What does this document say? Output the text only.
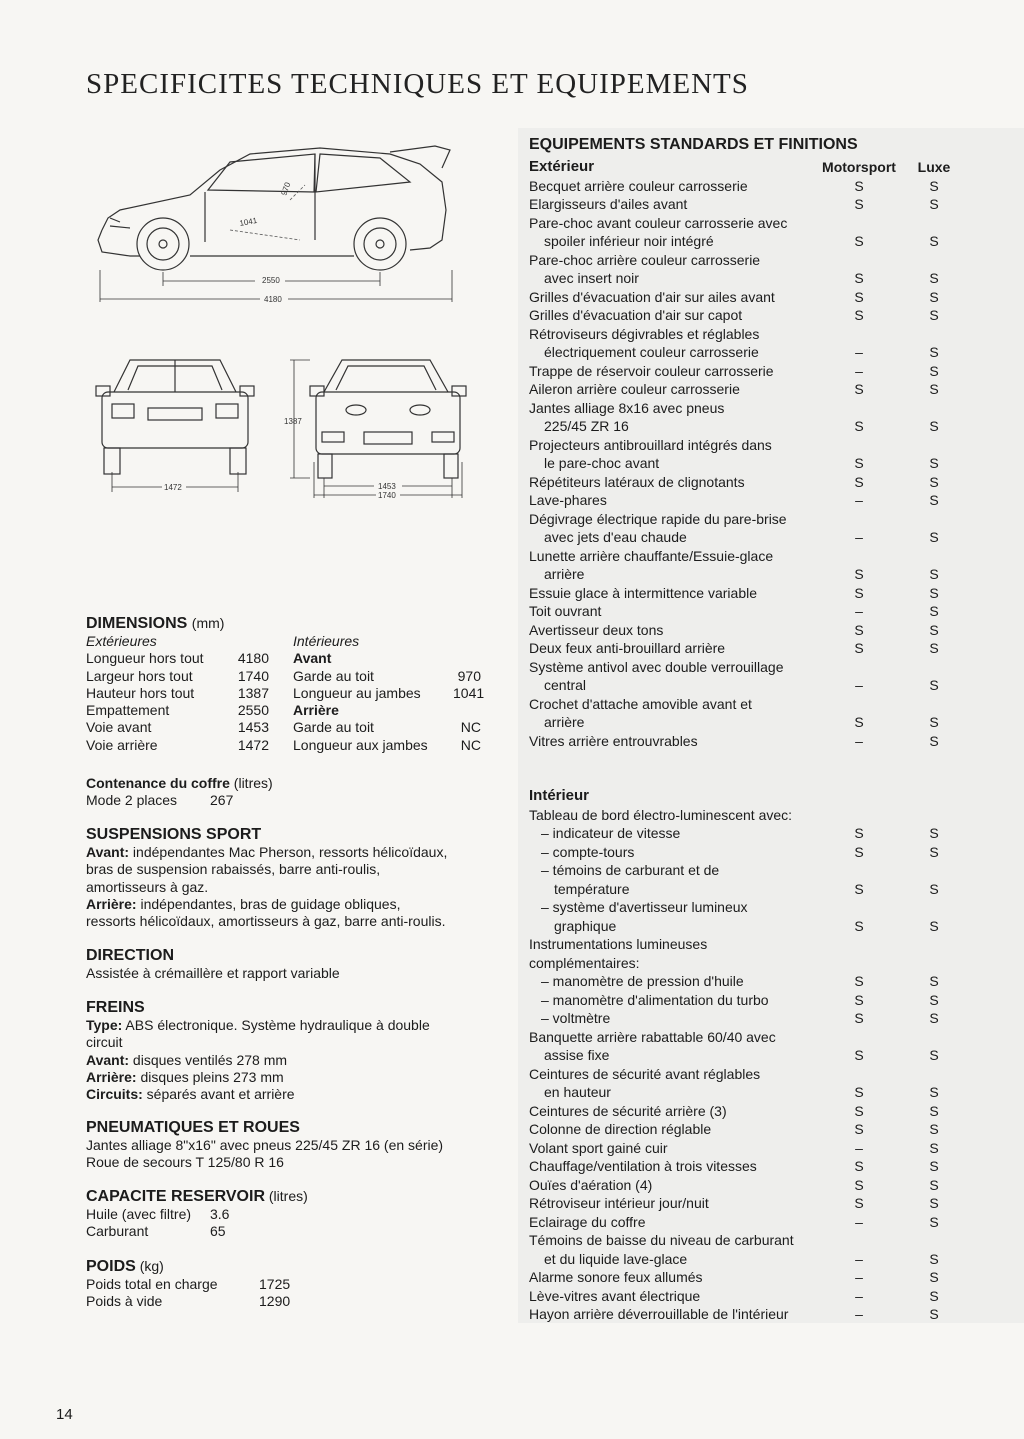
SPECIFICITES TECHNIQUES ET EQUIPEMENTS
970
1041
2550
4180
1472
1387
1453
1740
DIMENSIONS (mm)
Extérieures	Intérieures
Longueur hors tout	4180 Avant
Largeur hors tout	1740 Garde au toit	970
Hauteur hors tout	1387 Longueur au jambes	1041
Empattement	2550 Arrière
Voie avant	1453 Garde au toit	NC
Voie arrière	1472 Longueur aux jambes	NC
Contenance du coffre (litres)
Mode 2 places	267
SUSPENSIONS SPORT
Avant: indépendantes Mac Pherson, ressorts hélicoïdaux,
bras de suspension rabaissés, barre anti-roulis,
amortisseurs à gaz.
Arrière: indépendantes, bras de guidage obliques,
ressorts hélicoïdaux, amortisseurs à gaz, barre anti-roulis.
DIRECTION
Assistée à crémaillère et rapport variable
FREINS
Type: ABS électronique. Système hydraulique à double
circuit
Avant: disques ventilés 278 mm
Arrière: disques pleins 273 mm
Circuits: séparés avant et arrière
PNEUMATIQUES ET ROUES
Jantes alliage 8"x16" avec pneus 225/45 ZR 16 (en série)
Roue de secours T 125/80 R 16
CAPACITE RESERVOIR (litres)
Huile (avec filtre)	3.6
Carburant	65
POIDS (kg)
Poids total en charge	1725
Poids à vide	1290
EQUIPEMENTS STANDARDS ET FINITIONS
Extérieur	Motorsport	Luxe
Becquet arrière couleur carrosserie	S	S
Elargisseurs d'ailes avant	S	S
Pare-choc avant couleur carrosserie avec
spoiler inférieur noir intégré	S	S
Pare-choc arrière couleur carrosserie
avec insert noir	S	S
Grilles d'évacuation d'air sur ailes avant	S	S
Grilles d'évacuation d'air sur capot	S	S
Rétroviseurs dégivrables et réglables
électriquement couleur carrosserie	–	S
Trappe de réservoir couleur carrosserie	–	S
Aileron arrière couleur carrosserie	S	S
Jantes alliage 8x16 avec pneus
225/45 ZR 16	S	S
Projecteurs antibrouillard intégrés dans
le pare-choc avant	S	S
Répétiteurs latéraux de clignotants	S	S
Lave-phares	–	S
Dégivrage électrique rapide du pare-brise
avec jets d'eau chaude	–	S
Lunette arrière chauffante/Essuie-glace
arrière	S	S
Essuie glace à intermittence variable	S	S
Toit ouvrant	–	S
Avertisseur deux tons	S	S
Deux feux anti-brouillard arrière	S	S
Système antivol avec double verrouillage
central	–	S
Crochet d'attache amovible avant et
arrière	S	S
Vitres arrière entrouvrables	–	S
Intérieur
Tableau de bord électro-luminescent avec:
– indicateur de vitesse	S	S
– compte-tours	S	S
– témoins de carburant et de
température	S	S
– système d'avertisseur lumineux
graphique	S	S
Instrumentations lumineuses complémentaires:
– manomètre de pression d'huile	S	S
– manomètre d'alimentation du turbo	S	S
– voltmètre	S	S
Banquette arrière rabattable 60/40 avec
assise fixe	S	S
Ceintures de sécurité avant réglables
en hauteur	S	S
Ceintures de sécurité arrière (3)	S	S
Colonne de direction réglable	S	S
Volant sport gainé cuir	–	S
Chauffage/ventilation à trois vitesses	S	S
Ouïes d'aération (4)	S	S
Rétroviseur intérieur jour/nuit	S	S
Eclairage du coffre	–	S
Témoins de baisse du niveau de carburant
et du liquide lave-glace	–	S
Alarme sonore feux allumés	–	S
Lève-vitres avant électrique	–	S
Hayon arrière déverrouillable de l'intérieur	–	S
14
